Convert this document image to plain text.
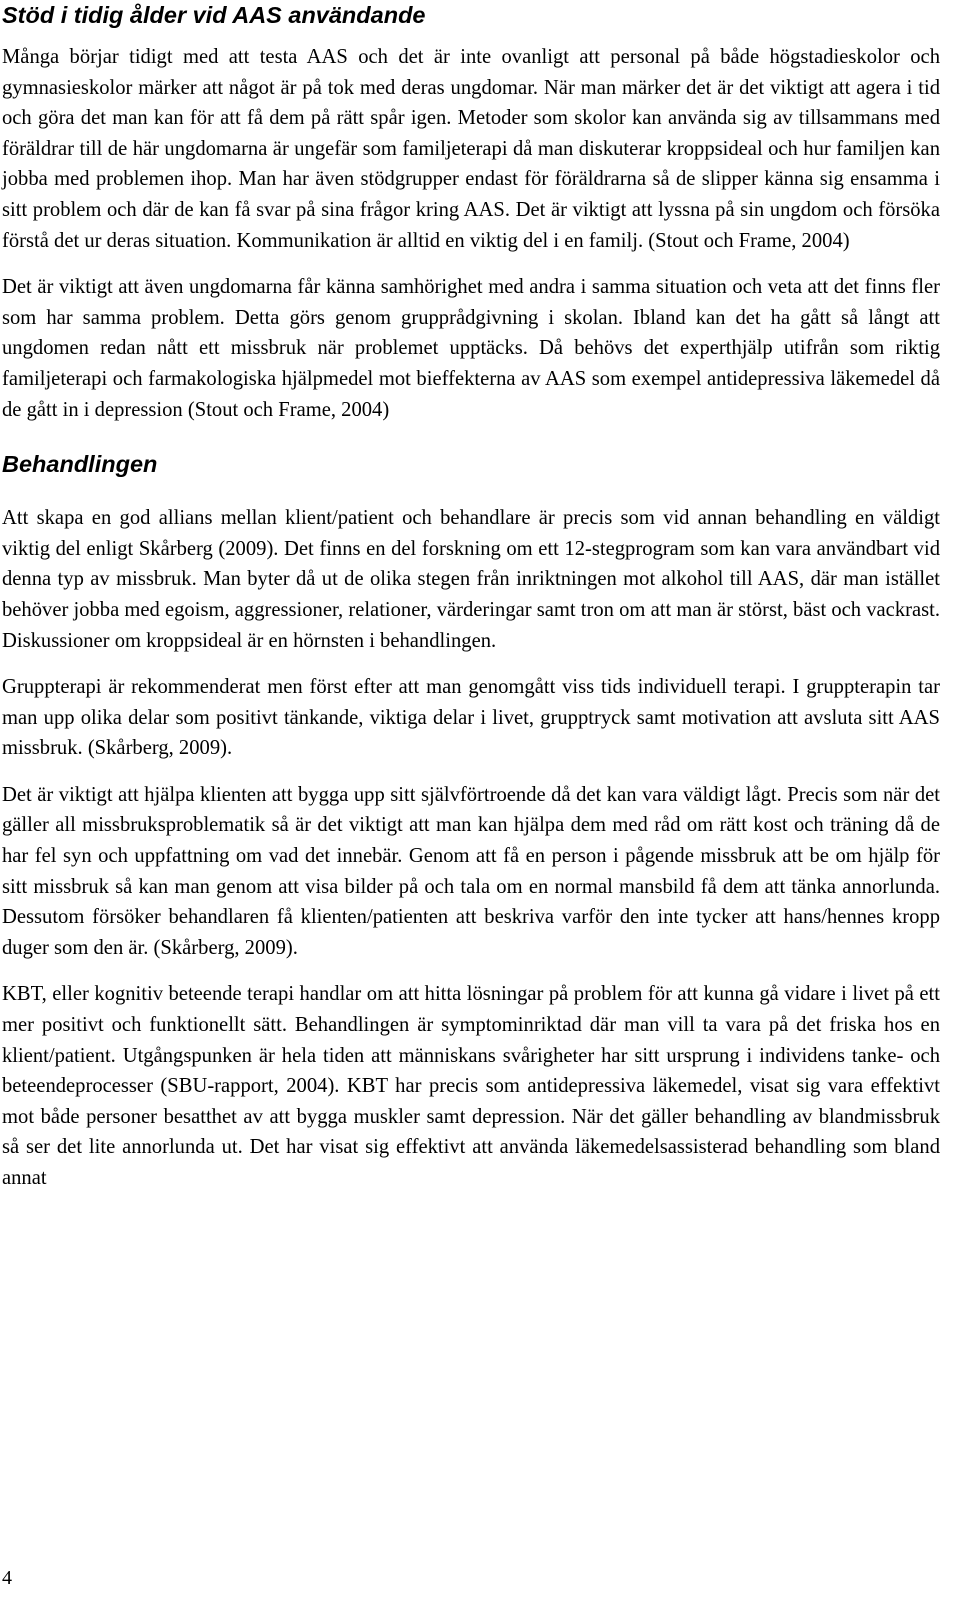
Stöd i tidig ålder vid AAS användande

Många börjar tidigt med att testa AAS och det är inte ovanligt att personal på både högstadieskolor och gymnasieskolor märker att något är på tok med deras ungdomar. När man märker det är det viktigt att agera i tid och göra det man kan för att få dem på rätt spår igen. Metoder som skolor kan använda sig av tillsammans med föräldrar till de här ungdomarna är ungefär som familjeterapi då man diskuterar kroppsideal och hur familjen kan jobba med problemen ihop. Man har även stödgrupper endast för föräldrarna så de slipper känna sig ensamma i sitt problem och där de kan få svar på sina frågor kring AAS. Det är viktigt att lyssna på sin ungdom och försöka förstå det ur deras situation. Kommunikation är alltid en viktig del i en familj. (Stout och Frame, 2004)

Det är viktigt att även ungdomarna får känna samhörighet med andra i samma situation och veta att det finns fler som har samma problem. Detta görs genom grupprådgivning i skolan. Ibland kan det ha gått så långt att ungdomen redan nått ett missbruk när problemet upptäcks. Då behövs det experthjälp utifrån som riktig familjeterapi och farmakologiska hjälpmedel mot bieffekterna av AAS som exempel antidepressiva läkemedel då de gått in i depression (Stout och Frame, 2004)

Behandlingen

Att skapa en god allians mellan klient/patient och behandlare är precis som vid annan behandling en väldigt viktig del enligt Skårberg (2009). Det finns en del forskning om ett 12-stegprogram som kan vara användbart vid denna typ av missbruk. Man byter då ut de olika stegen från inriktningen mot alkohol till AAS, där man istället behöver jobba med egoism, aggressioner, relationer, värderingar samt tron om att man är störst, bäst och vackrast. Diskussioner om kroppsideal är en hörnsten i behandlingen.

Gruppterapi är rekommenderat men först efter att man genomgått viss tids individuell terapi. I gruppterapin tar man upp olika delar som positivt tänkande, viktiga delar i livet, grupptryck samt motivation att avsluta sitt AAS missbruk. (Skårberg, 2009).

Det är viktigt att hjälpa klienten att bygga upp sitt självförtroende då det kan vara väldigt lågt. Precis som när det gäller all missbruksproblematik så är det viktigt att man kan hjälpa dem med råd om rätt kost och träning då de har fel syn och uppfattning om vad det innebär. Genom att få en person i pågende missbruk att be om hjälp för sitt missbruk så kan man genom att visa bilder på och tala om en normal mansbild få dem att tänka annorlunda. Dessutom försöker behandlaren få klienten/patienten att beskriva varför den inte tycker att hans/hennes kropp duger som den är. (Skårberg, 2009).

KBT, eller kognitiv beteende terapi handlar om att hitta lösningar på problem för att kunna gå vidare i livet på ett mer positivt och funktionellt sätt. Behandlingen är symptominriktad där man vill ta vara på det friska hos en klient/patient. Utgångspunken är hela tiden att människans svårigheter har sitt ursprung i individens tanke- och beteendeprocesser (SBU-rapport, 2004). KBT har precis som antidepressiva läkemedel, visat sig vara effektivt mot både personer besatthet av att bygga muskler samt depression. När det gäller behandling av blandmissbruk så ser det lite annorlunda ut. Det har visat sig effektivt att använda läkemedelsassisterad behandling som bland annat

4
